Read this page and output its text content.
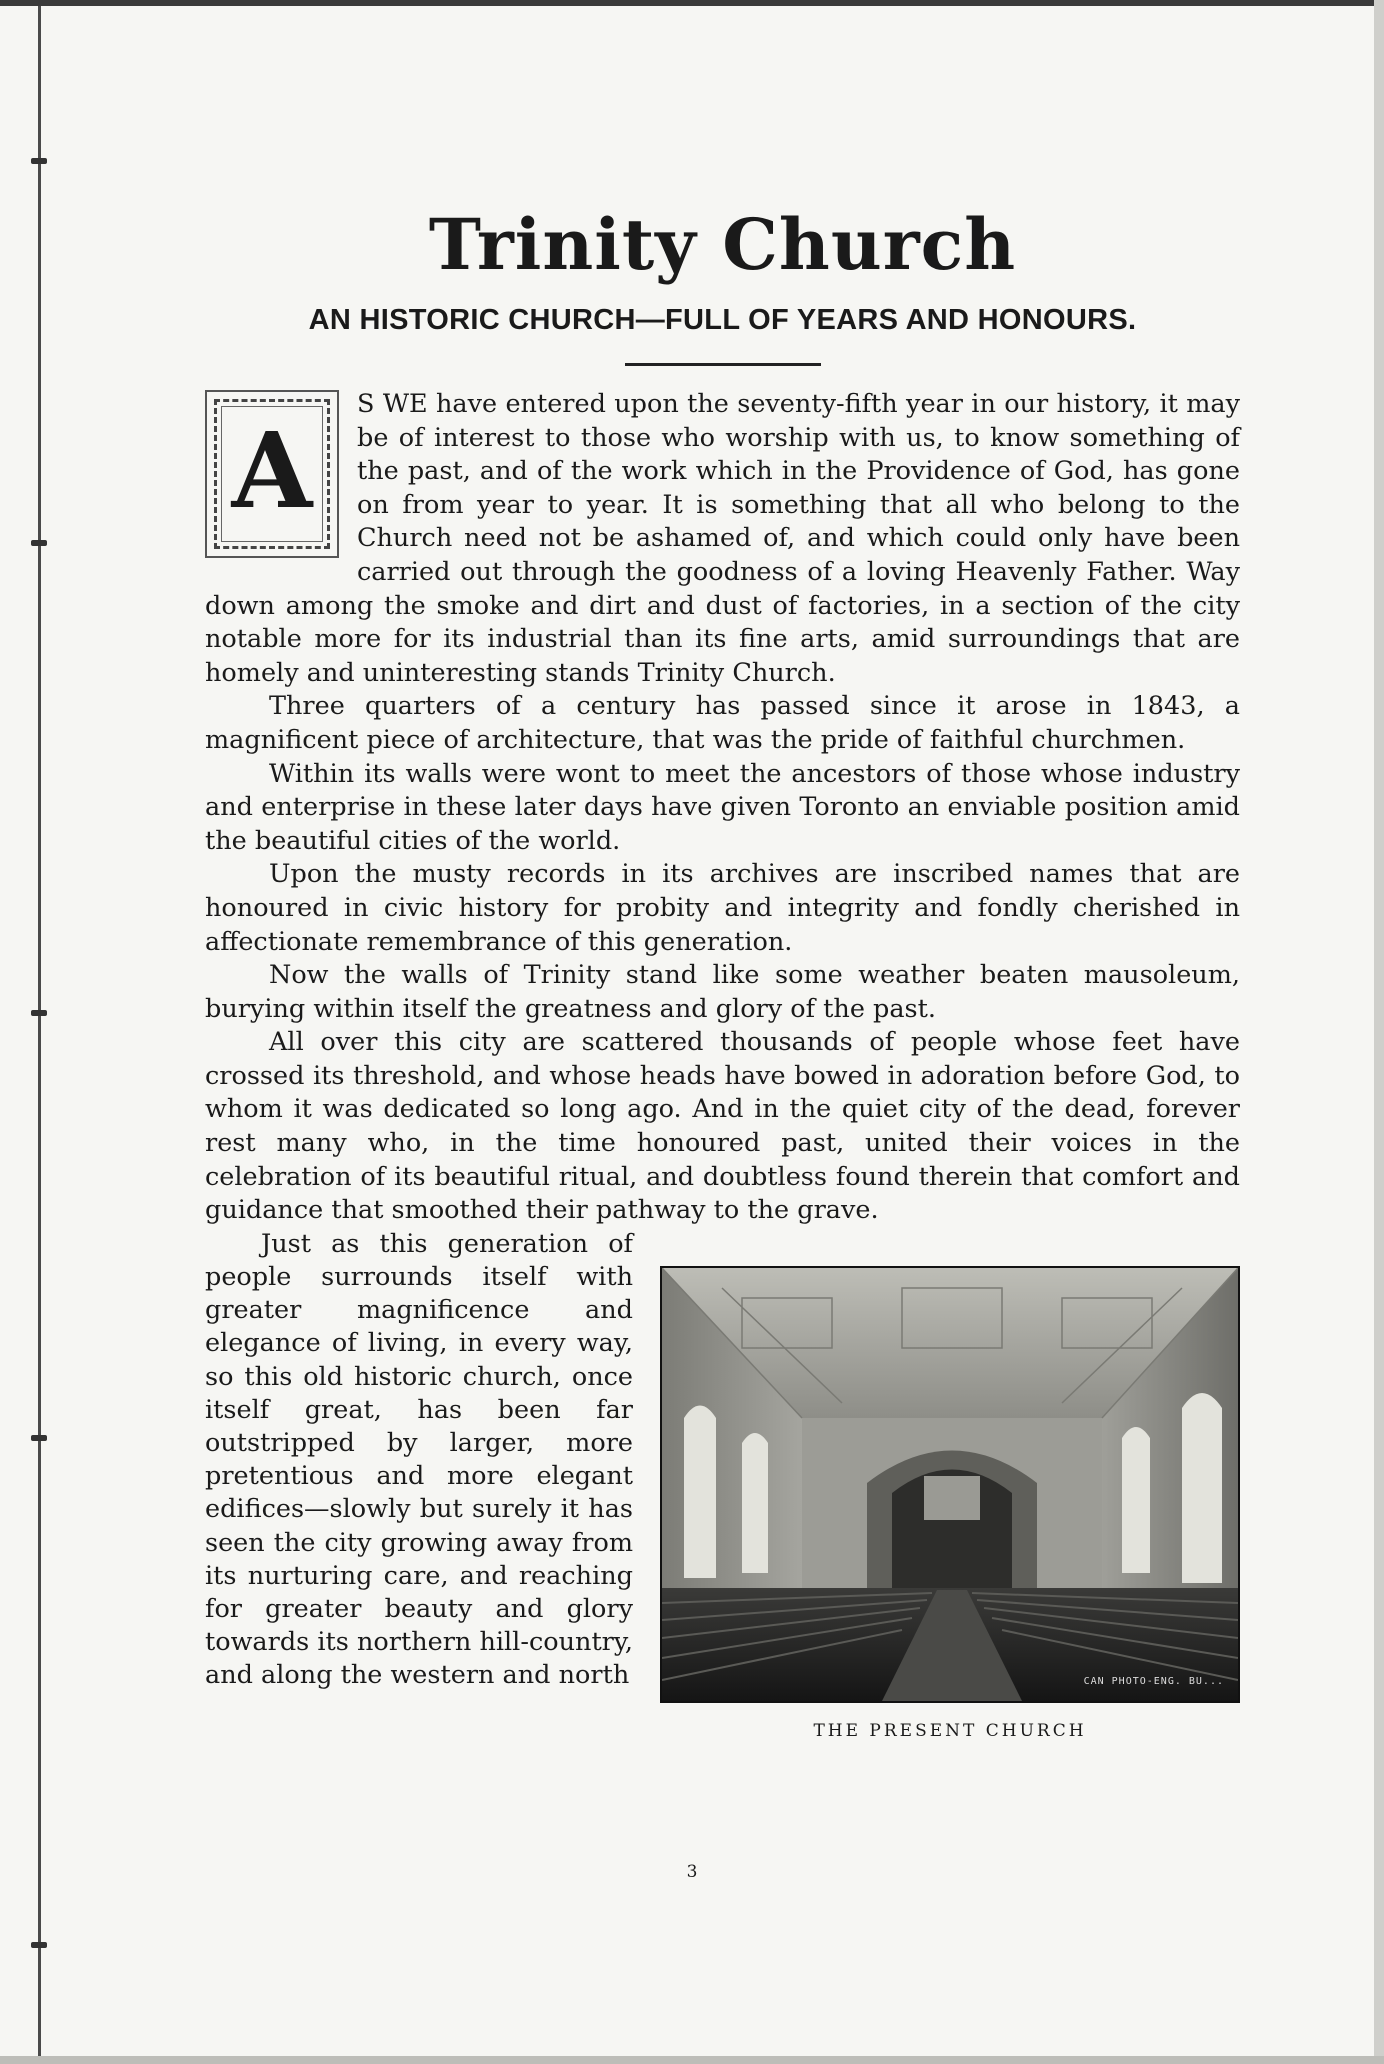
Trinity Church
AN HISTORIC CHURCH—FULL OF YEARS AND HONOURS.
A

S WE have entered upon the seventy-fifth year in our history, it may be of interest to those who worship with us, to know something of the past, and of the work which in the Providence of God, has gone on from year to year. It is something that all who belong to the Church need not be ashamed of, and which could only have been carried out through the goodness of a loving Heavenly Father. Way down among the smoke and dirt and dust of factories, in a section of the city notable more for its industrial than its fine arts, amid surroundings that are homely and uninteresting stands Trinity Church.

Three quarters of a century has passed since it arose in 1843, a magnificent piece of architecture, that was the pride of faithful churchmen.

Within its walls were wont to meet the ancestors of those whose industry and enterprise in these later days have given Toronto an enviable position amid the beautiful cities of the world.

Upon the musty records in its archives are inscribed names that are honoured in civic history for probity and integrity and fondly cherished in affectionate remembrance of this generation.

Now the walls of Trinity stand like some weather beaten mausoleum, burying within itself the greatness and glory of the past.

All over this city are scattered thousands of people whose feet have crossed its threshold, and whose heads have bowed in adoration before God, to whom it was dedicated so long ago. And in the quiet city of the dead, forever rest many who, in the time honoured past, united their voices in the celebration of its beautiful ritual, and doubtless found therein that comfort and guidance that smoothed their pathway to the grave.

Just as this generation of people surrounds itself with greater magnificence and elegance of living, in every way, so this old historic church, once itself great, has been far outstripped by larger, more pretentious and more elegant edifices—slowly but surely it has seen the city growing away from its nurturing care, and reaching for greater beauty and glory towards its northern hill-country, and along the western and north	CAN PHOTO-ENG. BU...
THE PRESENT CHURCH
3
